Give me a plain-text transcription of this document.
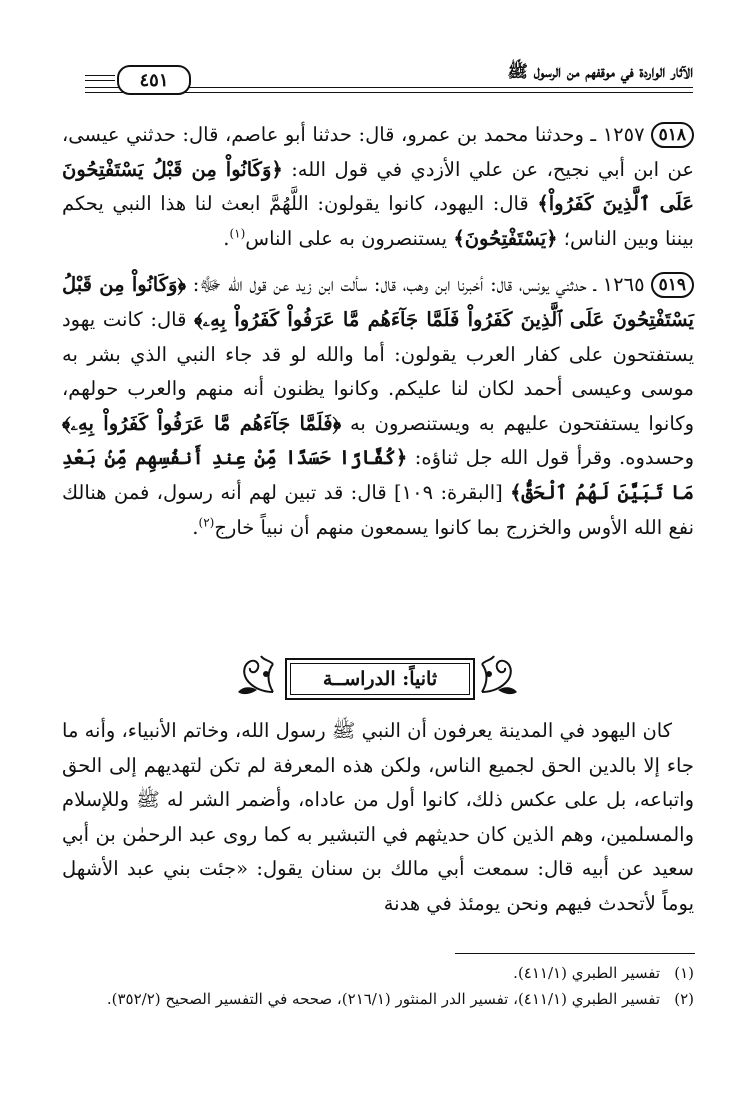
٤٥١	الآثار الواردة في موقفهم من الرسول ﷺ

٥١٨١٢٥٧ ـ وحدثنا محمد بن عمرو، قال: حدثنا أبو عاصم، قال: حدثني عيسى، عن ابن أبي نجيح، عن علي الأزدي في قول الله: ﴿وَكَانُواْ مِن قَبْلُ يَسْتَفْتِحُونَ عَلَى ٱلَّذِينَ كَفَرُواْ﴾ قال: اليهود، كانوا يقولون: اللَّهُمَّ ابعث لنا هذا النبي يحكم بيننا وبين الناس؛ ﴿يَسْتَفْتِحُونَ﴾ يستنصرون به على الناس$^{(١)}$.

٥١٩١٢٦٥ ـ حدثني يونس، قال: أخبرنا ابن وهب، قال: سألت ابن زيد عن قول الله ﷻ: ﴿وَكَانُواْ مِن قَبْلُ يَسْتَفْتِحُونَ عَلَى ٱلَّذِينَ كَفَرُواْ فَلَمَّا جَآءَهُم مَّا عَرَفُواْ كَفَرُواْ بِهِۦ﴾ قال: كانت يهود يستفتحون على كفار العرب يقولون: أما والله لو قد جاء النبي الذي بشر به موسى وعيسى أحمد لكان لنا عليكم. وكانوا يظنون أنه منهم والعرب حولهم، وكانوا يستفتحون عليهم به ويستنصرون به ﴿فَلَمَّا جَآءَهُم مَّا عَرَفُواْ كَفَرُواْ بِهِۦ﴾ وحسدوه. وقرأ قول الله جل ثناؤه: ﴿كُفَّارًا حَسَدًا مِّنْ عِندِ أَنفُسِهِم مِّنۢ بَعْدِ مَا تَبَيَّنَ لَهُمُ ٱلْحَقُّ﴾ [البقرة: ١٠٩] قال: قد تبين لهم أنه رسول، فمن هنالك نفع الله الأوس والخزرج بما كانوا يسمعون منهم أن نبياً خارج$^{(٢)}$.

ثانياً: الدراســة

كان اليهود في المدينة يعرفون أن النبي ﷺ رسول الله، وخاتم الأنبياء، وأنه ما جاء إلا بالدين الحق لجميع الناس، ولكن هذه المعرفة لم تكن لتهديهم إلى الحق واتباعه، بل على عكس ذلك، كانوا أول من عاداه، وأضمر الشر له ﷺ وللإسلام والمسلمين، وهم الذين كان حديثهم في التبشير به كما روى عبد الرحمٰن بن أبي سعيد عن أبيه قال: سمعت أبي مالك بن سنان يقول: «جئت بني عبد الأشهل يوماً لأتحدث فيهم ونحن يومئذ في هدنة

(١)
تفسير الطبري (٤١١/١).
(٢)
تفسير الطبري (٤١١/١)، تفسير الدر المنثور (٢١٦/١)، صححه في التفسير الصحيح (٣٥٢/٢).
